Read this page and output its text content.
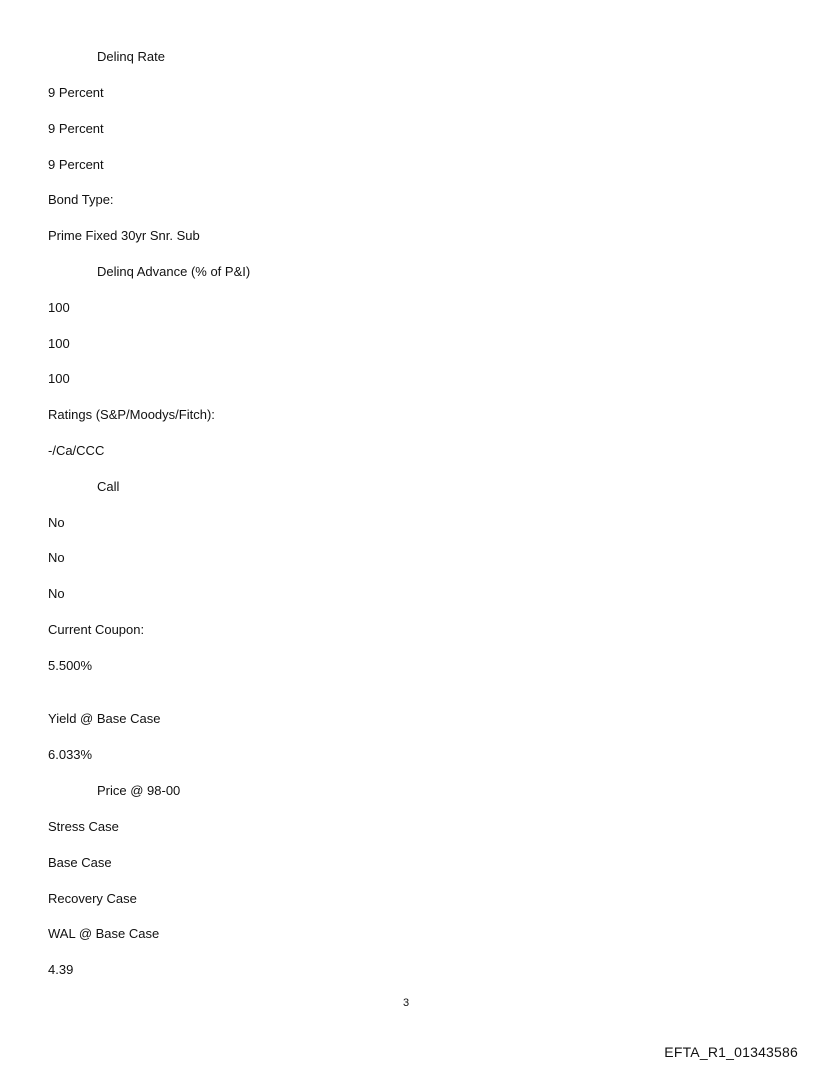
Delinq Rate
9 Percent
9 Percent
9 Percent
Bond Type:
Prime Fixed 30yr Snr. Sub
Delinq Advance (% of P&I)
100
100
100
Ratings (S&P/Moodys/Fitch):
-/Ca/CCC
Call
No
No
No
Current Coupon:
5.500%
Yield @ Base Case
6.033%
Price @ 98-00
Stress Case
Base Case
Recovery Case
WAL @ Base Case
4.39
3
EFTA_R1_01343586
